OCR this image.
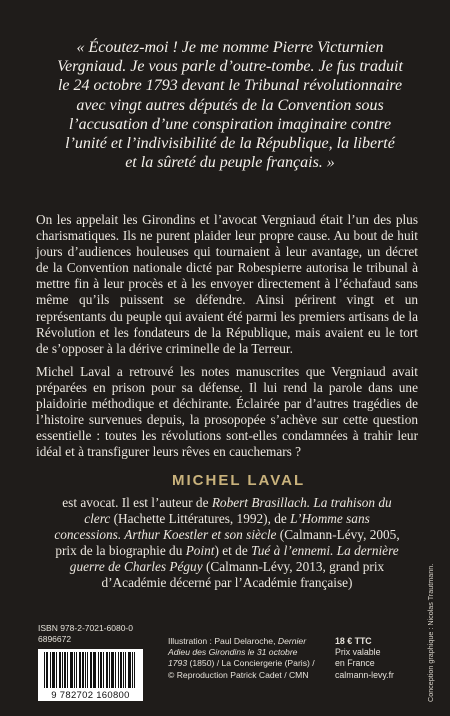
« Écoutez-moi ! Je me nomme Pierre Victurnien
Vergniaud. Je vous parle d’outre-tombe. Je fus traduit
le 24 octobre 1793 devant le Tribunal révolutionnaire
avec vingt autres députés de la Convention sous
l’accusation d’une conspiration imaginaire contre
l’unité et l’indivisibilité de la République, la liberté
et la sûreté du peuple français. »

On les appelait les Girondins et l’avocat Vergniaud était l’un des plus charismatiques. Ils ne purent plaider leur propre cause. Au bout de huit jours d’audiences houleuses qui tournaient à leur avantage, un décret de la Convention nationale dicté par Robespierre autorisa le tribunal à mettre fin à leur procès et à les envoyer directement à l’échafaud sans même qu’ils puissent se défendre. Ainsi périrent vingt et un représentants du peuple qui avaient été parmi les premiers artisans de la Révolution et les fondateurs de la République, mais avaient eu le tort de s’opposer à la dérive criminelle de la Terreur.

Michel Laval a retrouvé les notes manuscrites que Vergniaud avait préparées en prison pour sa défense. Il lui rend la parole dans une plaidoirie méthodique et déchirante. Éclairée par d’autres tragédies de l’histoire survenues depuis, la prosopopée s’achève sur cette question essentielle : toutes les révolutions sont-elles condamnées à trahir leur idéal et à transfigurer leurs rêves en cauchemars ?

MICHEL LAVAL
est avocat. Il est l’auteur de Robert Brasillach. La trahison du clerc (Hachette Littératures, 1992), de L’Homme sans concessions. Arthur Koestler et son siècle (Calmann-Lévy, 2005, prix de la biographie du Point) et de Tué à l’ennemi. La dernière guerre de Charles Péguy (Calmann-Lévy, 2013, grand prix d’Académie décerné par l’Académie française)
ISBN 978-2-7021-6080-0
6896672
9 782702 160800
Illustration : Paul Delaroche, Dernier Adieu des Girondins le 31 octobre 1793 (1850) / La Conciergerie (Paris) / © Reproduction Patrick Cadet / CMN
18 € TTC
Prix valable
en France
calmann-levy.fr	Conception graphique : Nicolas Trautmann.
